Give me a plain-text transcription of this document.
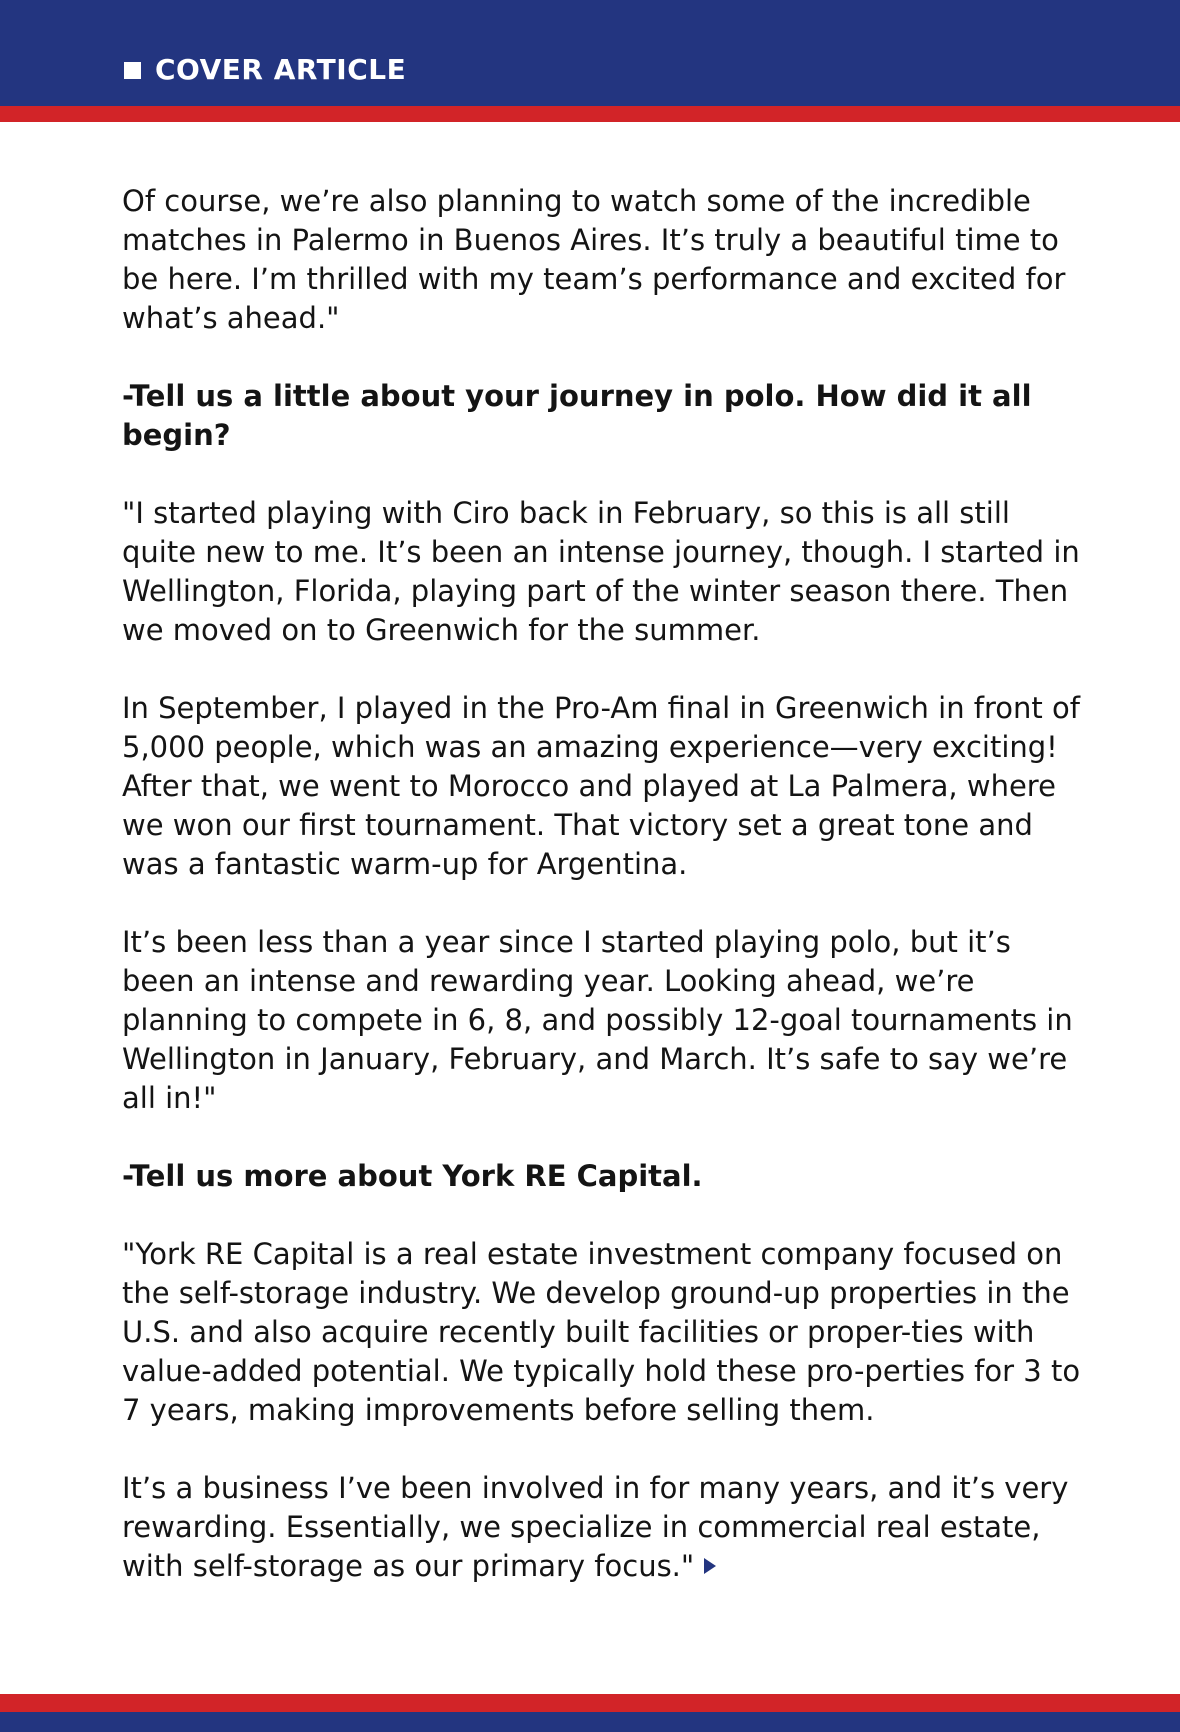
COVER ARTICLE

Of course, we’re also planning to watch some of the incredible matches in Palermo in Buenos Aires. It’s truly a beautiful time to be here. I’m thrilled with my team’s performance and excited for what’s ahead."

-Tell us a little about your journey in polo. How did it all begin?

"I started playing with Ciro back in February, so this is all still quite new to me. It’s been an intense journey, though. I started in Wellington, Florida, playing part of the winter season there. Then we moved on to Greenwich for the summer.

In September, I played in the Pro-Am final in Greenwich in front of 5,000 people, which was an amazing experience—very exciting! After that, we went to Morocco and played at La Palmera, where we won our first tournament. That victory set a great tone and was a fantastic warm-up for Argentina.

It’s been less than a year since I started playing polo, but it’s been an intense and rewarding year. Looking ahead, we’re planning to compete in 6, 8, and possibly 12-goal tournaments in Wellington in January, February, and March. It’s safe to say we’re all in!"

-Tell us more about York RE Capital.

"York RE Capital is a real estate investment company focused on the self-storage industry. We develop ground-up properties in the U.S. and also acquire recently built facilities or proper-ties with value-added potential. We typically hold these pro-perties for 3 to 7 years, making improvements before selling them.

It’s a business I’ve been involved in for many years, and it’s very rewarding. Essentially, we specialize in commercial real estate, with self-storage as our primary focus."
